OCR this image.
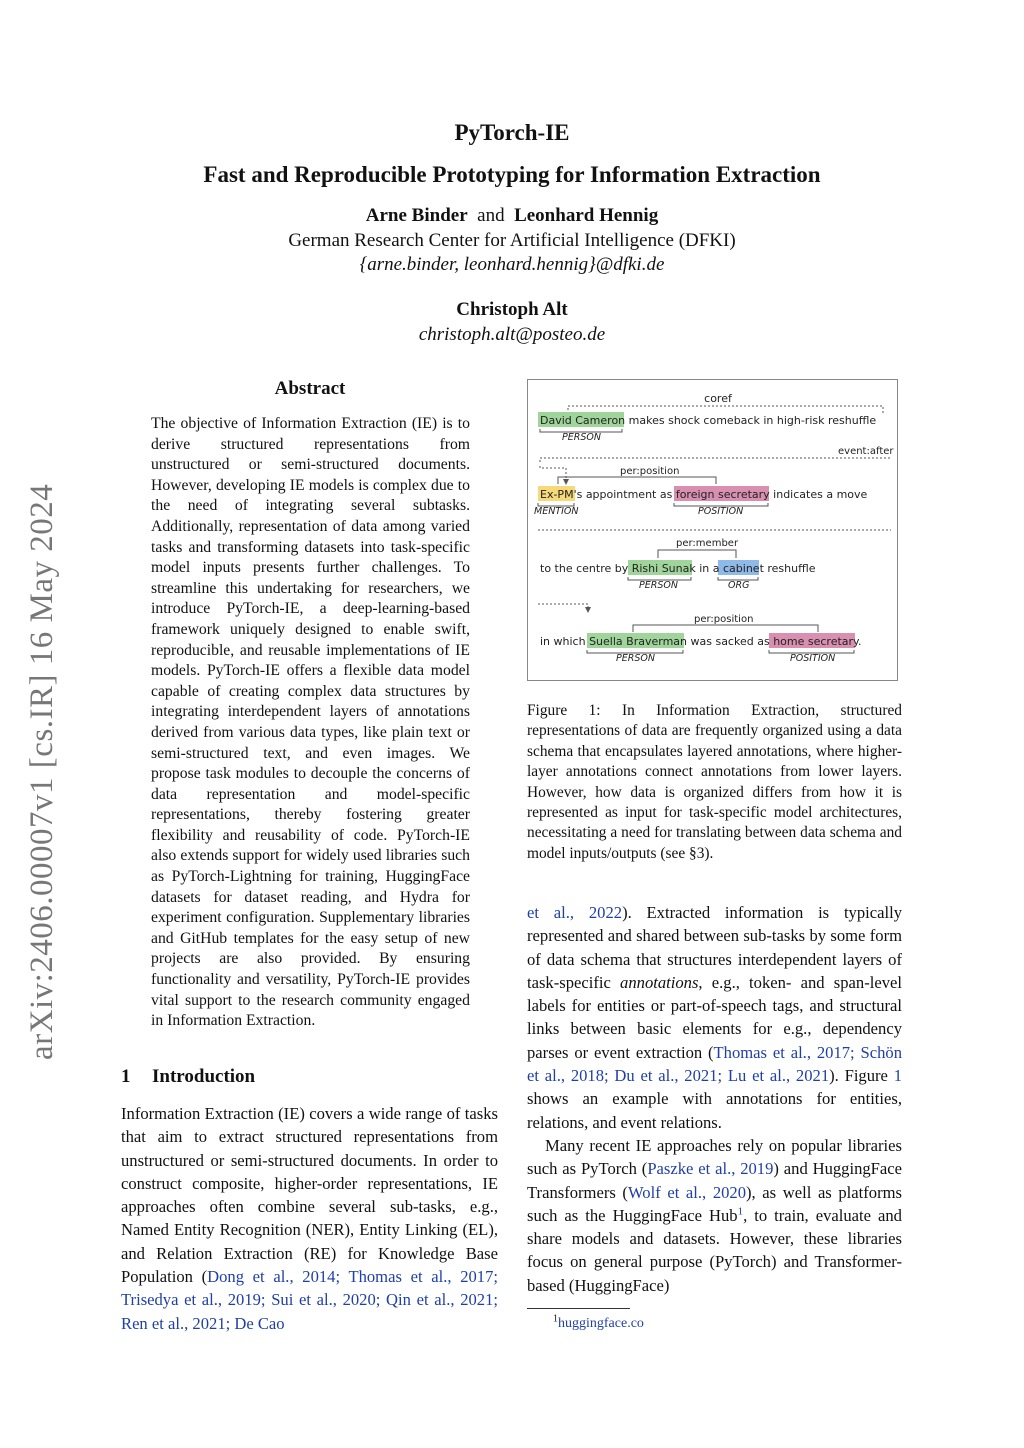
PyTorch-IE
Fast and Reproducible Prototyping for Information Extraction
Arne Binder and Leonhard Hennig
German Research Center for Artificial Intelligence (DFKI)
{arne.binder, leonhard.hennig}@dfki.de
Christoph Alt
christoph.alt@posteo.de
arXiv:2406.00007v1 [cs.IR] 16 May 2024
Abstract
The objective of Information Extraction (IE) is to derive structured representations from unstructured or semi-structured documents. However, developing IE models is complex due to the need of integrating several subtasks. Additionally, representation of data among varied tasks and transforming datasets into task-specific model inputs presents further challenges. To streamline this undertaking for researchers, we introduce PyTorch-IE, a deep-learning-based framework uniquely designed to enable swift, reproducible, and reusable implementations of IE models. PyTorch-IE offers a flexible data model capable of creating complex data structures by integrating interdependent layers of annotations derived from various data types, like plain text or semi-structured text, and even images. We propose task modules to decouple the concerns of data representation and model-specific representations, thereby fostering greater flexibility and reusability of code. PyTorch-IE also extends support for widely used libraries such as PyTorch-Lightning for training, HuggingFace datasets for dataset reading, and Hydra for experiment configuration. Supplementary libraries and GitHub templates for the easy setup of new projects are also provided. By ensuring functionality and versatility, PyTorch-IE provides vital support to the research community engaged in Information Extraction.
1 Introduction
Information Extraction (IE) covers a wide range of tasks that aim to extract structured representations from unstructured or semi-structured documents. In order to construct composite, higher-order representations, IE approaches often combine several sub-tasks, e.g., Named Entity Recognition (NER), Entity Linking (EL), and Relation Extraction (RE) for Knowledge Base Population (Dong et al., 2014; Thomas et al., 2017; Trisedya et al., 2019; Sui et al., 2020; Qin et al., 2021; Ren et al., 2021; De Cao
coref
David Cameron makes shock comeback in high-risk reshuffle
PERSON
event:after
per:position
Ex-PM's appointment as foreign secretary indicates a move
MENTION	POSITION
per:member
to the centre by Rishi Sunak in a cabinet reshuffle
PERSON	ORG
per:position
in which Suella Braverman was sacked as home secretary.
PERSON	POSITION
Figure 1: In Information Extraction, structured representations of data are frequently organized using a data schema that encapsulates layered annotations, where higher-layer annotations connect annotations from lower layers. However, how data is organized differs from how it is represented as input for task-specific model architectures, necessitating a need for translating between data schema and model inputs/outputs (see §3).

et al., 2022). Extracted information is typically represented and shared between sub-tasks by some form of data schema that structures interdependent layers of task-specific annotations, e.g., token- and span-level labels for entities or part-of-speech tags, and structural links between basic elements for e.g., dependency parses or event extraction (Thomas et al., 2017; Schön et al., 2018; Du et al., 2021; Lu et al., 2021). Figure 1 shows an example with annotations for entities, relations, and event relations.

Many recent IE approaches rely on popular libraries such as PyTorch (Paszke et al., 2019) and HuggingFace Transformers (Wolf et al., 2020), as well as platforms such as the HuggingFace Hub$^1$, to train, evaluate and share models and datasets. However, these libraries focus on general purpose (PyTorch) and Transformer-based (HuggingFace)

$^1$huggingface.co
